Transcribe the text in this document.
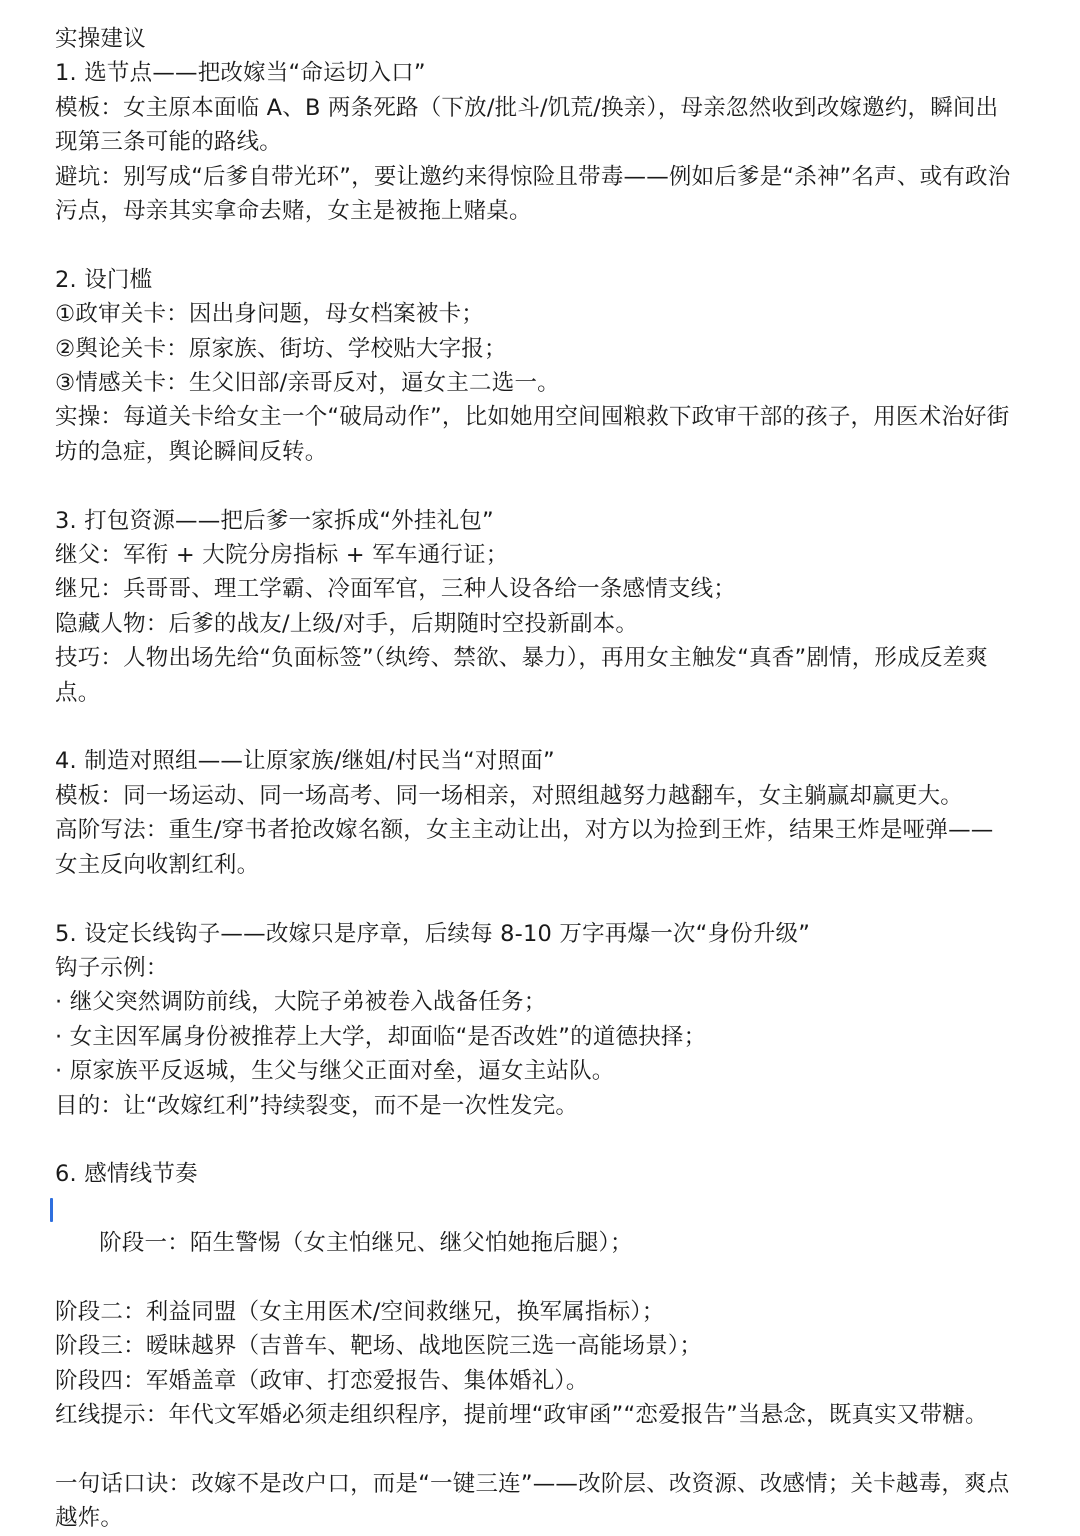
实操建议
1. 选节点——把改嫁当“命运切入口”
模板：女主原本面临 A、B 两条死路（下放/批斗/饥荒/换亲），母亲忽然收到改嫁邀约，瞬间出
现第三条可能的路线。
避坑：别写成“后爹自带光环”，要让邀约来得惊险且带毒——例如后爹是“杀神”名声、或有政治
污点，母亲其实拿命去赌，女主是被拖上赌桌。
2. 设门槛
①政审关卡：因出身问题，母女档案被卡；
②舆论关卡：原家族、街坊、学校贴大字报；
③情感关卡：生父旧部/亲哥反对，逼女主二选一。
实操：每道关卡给女主一个“破局动作”，比如她用空间囤粮救下政审干部的孩子，用医术治好街
坊的急症，舆论瞬间反转。
3. 打包资源——把后爹一家拆成“外挂礼包”
继父：军衔 + 大院分房指标 + 军车通行证；
继兄：兵哥哥、理工学霸、冷面军官，三种人设各给一条感情支线；
隐藏人物：后爹的战友/上级/对手，后期随时空投新副本。
技巧：人物出场先给“负面标签”（纨绔、禁欲、暴力），再用女主触发“真香”剧情，形成反差爽
点。
4. 制造对照组——让原家族/继姐/村民当“对照面”
模板：同一场运动、同一场高考、同一场相亲，对照组越努力越翻车，女主躺赢却赢更大。
高阶写法：重生/穿书者抢改嫁名额，女主主动让出，对方以为捡到王炸，结果王炸是哑弹——
女主反向收割红利。
5. 设定长线钩子——改嫁只是序章，后续每 8-10 万字再爆一次“身份升级”
钩子示例：
· 继父突然调防前线，大院子弟被卷入战备任务；
· 女主因军属身份被推荐上大学，却面临“是否改姓”的道德抉择；
· 原家族平反返城，生父与继父正面对垒，逼女主站队。
目的：让“改嫁红利”持续裂变，而不是一次性发完。
6. 感情线节奏

阶段一：陌生警惕（女主怕继兄、继父怕她拖后腿）；

阶段二：利益同盟（女主用医术/空间救继兄，换军属指标）；
阶段三：暧昧越界（吉普车、靶场、战地医院三选一高能场景）；
阶段四：军婚盖章（政审、打恋爱报告、集体婚礼）。
红线提示：年代文军婚必须走组织程序，提前埋“政审函”“恋爱报告”当悬念，既真实又带糖。
一句话口诀：改嫁不是改户口，而是“一键三连”——改阶层、改资源、改感情；关卡越毒，爽点
越炸。
